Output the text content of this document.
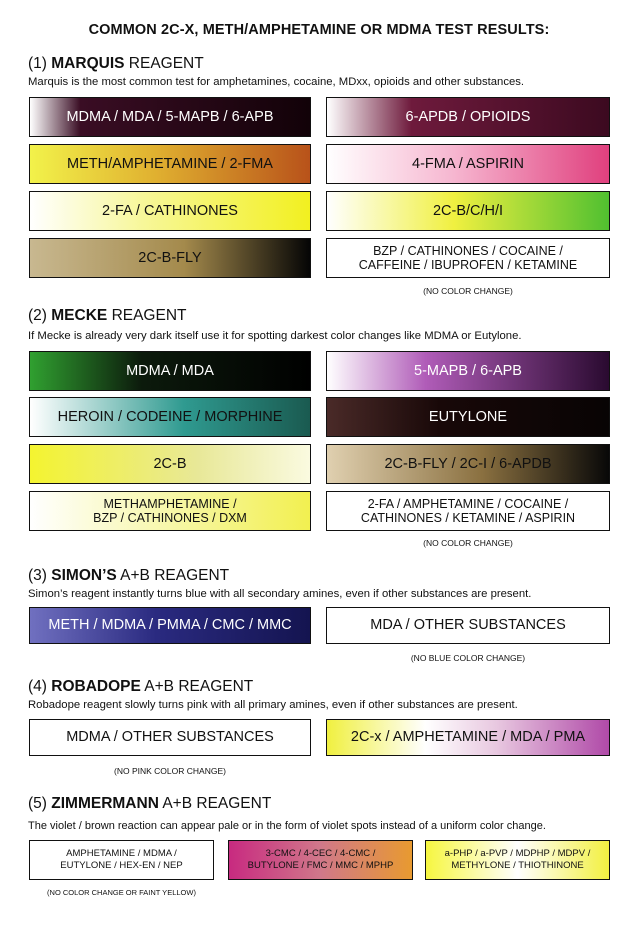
COMMON 2C-X, METH/AMPHETAMINE OR MDMA TEST RESULTS:
(1) MARQUIS REAGENT
Marquis is the most common test for amphetamines, cocaine, MDxx, opioids and other substances.
MDMA / MDA / 5-MAPB / 6-APB	6-APDB / OPIOIDS
METH/AMPHETAMINE / 2-FMA	4-FMA / ASPIRIN
2-FA / CATHINONES	2C-B/C/H/I
2C-B-FLY	BZP / CATHINONES / COCAINE /
CAFFEINE / IBUPROFEN / KETAMINE
(NO COLOR CHANGE)
(2) MECKE REAGENT
If Mecke is already very dark itself use it for spotting darkest color changes like MDMA or Eutylone.
MDMA / MDA	5-MAPB / 6-APB
HEROIN / CODEINE / MORPHINE	EUTYLONE
2C-B	2C-B-FLY / 2C-I / 6-APDB
METHAMPHETAMINE /
BZP / CATHINONES / DXM
2-FA / AMPHETAMINE / COCAINE /
CATHINONES / KETAMINE / ASPIRIN
(NO COLOR CHANGE)
(3) SIMON’S A+B REAGENT
Simon’s reagent instantly turns blue with all secondary amines, even if other substances are present.
METH / MDMA / PMMA / CMC / MMC	MDA / OTHER SUBSTANCES
(NO BLUE COLOR CHANGE)
(4) ROBADOPE A+B REAGENT
Robadope reagent slowly turns pink with all primary amines, even if other substances are present.
MDMA / OTHER SUBSTANCES	2C-x / AMPHETAMINE / MDA / PMA
(NO PINK COLOR CHANGE)
(5) ZIMMERMANN A+B REAGENT
The violet / brown reaction can appear pale or in the form of violet spots instead of a uniform color change.
AMPHETAMINE / MDMA /
EUTYLONE / HEX-EN / NEP
3-CMC / 4-CEC / 4-CMC /
BUTYLONE / FMC / MMC / MPHP
a-PHP / a-PVP / MDPHP / MDPV /
METHYLONE / THIOTHINONE
(NO COLOR CHANGE OR FAINT YELLOW)
